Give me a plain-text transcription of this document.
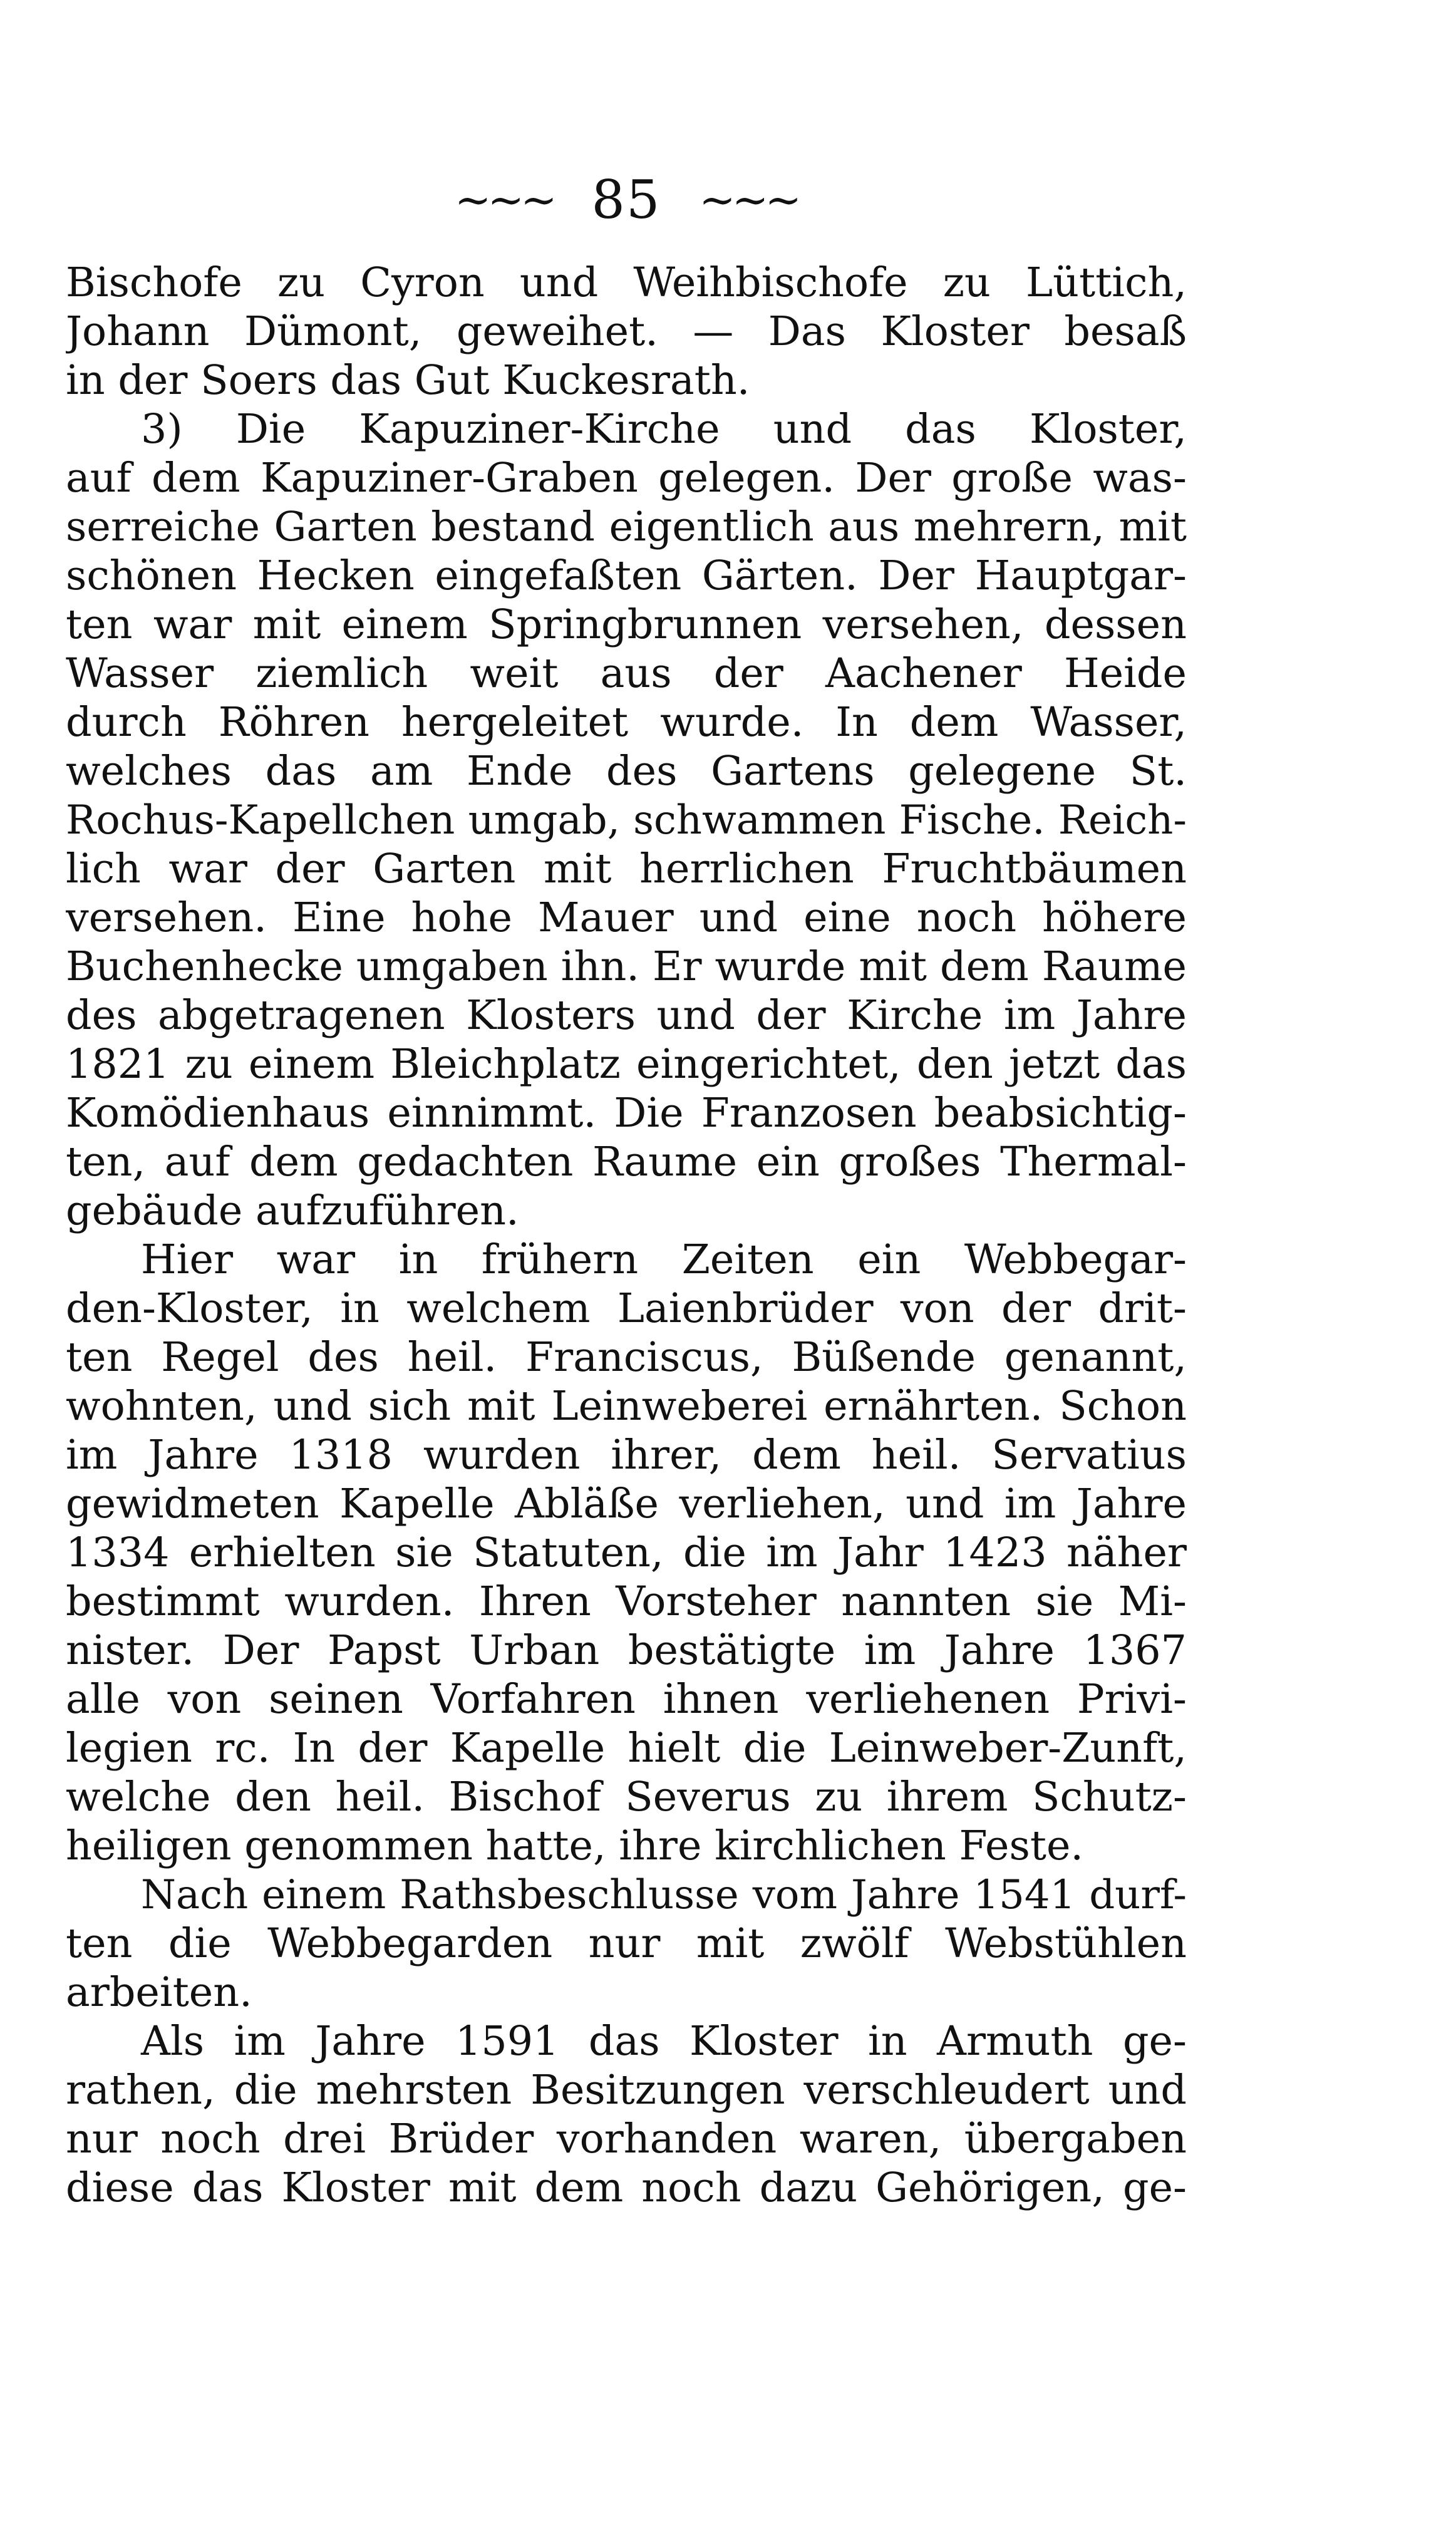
~~~ 85 ~~~
Bischofe zu Cyron und Weihbischofe zu Lüttich,
Johann Dümont, geweihet. — Das Kloster besaß
in der Soers das Gut Kuckesrath.
3) Die Kapuziner-Kirche und das Kloster,
auf dem Kapuziner-Graben gelegen. Der große was-
serreiche Garten bestand eigentlich aus mehrern, mit
schönen Hecken eingefaßten Gärten. Der Hauptgar-
ten war mit einem Springbrunnen versehen, dessen
Wasser ziemlich weit aus der Aachener Heide
durch Röhren hergeleitet wurde. In dem Wasser,
welches das am Ende des Gartens gelegene St.
Rochus-Kapellchen umgab, schwammen Fische. Reich-
lich war der Garten mit herrlichen Fruchtbäumen
versehen. Eine hohe Mauer und eine noch höhere
Buchenhecke umgaben ihn. Er wurde mit dem Raume
des abgetragenen Klosters und der Kirche im Jahre
1821 zu einem Bleichplatz eingerichtet, den jetzt das
Komödienhaus einnimmt. Die Franzosen beabsichtig-
ten, auf dem gedachten Raume ein großes Thermal-
gebäude aufzuführen.
Hier war in frühern Zeiten ein Webbegar-
den-Kloster, in welchem Laienbrüder von der drit-
ten Regel des heil. Franciscus, Büßende genannt,
wohnten, und sich mit Leinweberei ernährten. Schon
im Jahre 1318 wurden ihrer, dem heil. Servatius
gewidmeten Kapelle Abläße verliehen, und im Jahre
1334 erhielten sie Statuten, die im Jahr 1423 näher
bestimmt wurden. Ihren Vorsteher nannten sie Mi-
nister. Der Papst Urban bestätigte im Jahre 1367
alle von seinen Vorfahren ihnen verliehenen Privi-
legien rc. In der Kapelle hielt die Leinweber-Zunft,
welche den heil. Bischof Severus zu ihrem Schutz-
heiligen genommen hatte, ihre kirchlichen Feste.
Nach einem Rathsbeschlusse vom Jahre 1541 durf-
ten die Webbegarden nur mit zwölf Webstühlen
arbeiten.
Als im Jahre 1591 das Kloster in Armuth ge-
rathen, die mehrsten Besitzungen verschleudert und
nur noch drei Brüder vorhanden waren, übergaben
diese das Kloster mit dem noch dazu Gehörigen, ge-
